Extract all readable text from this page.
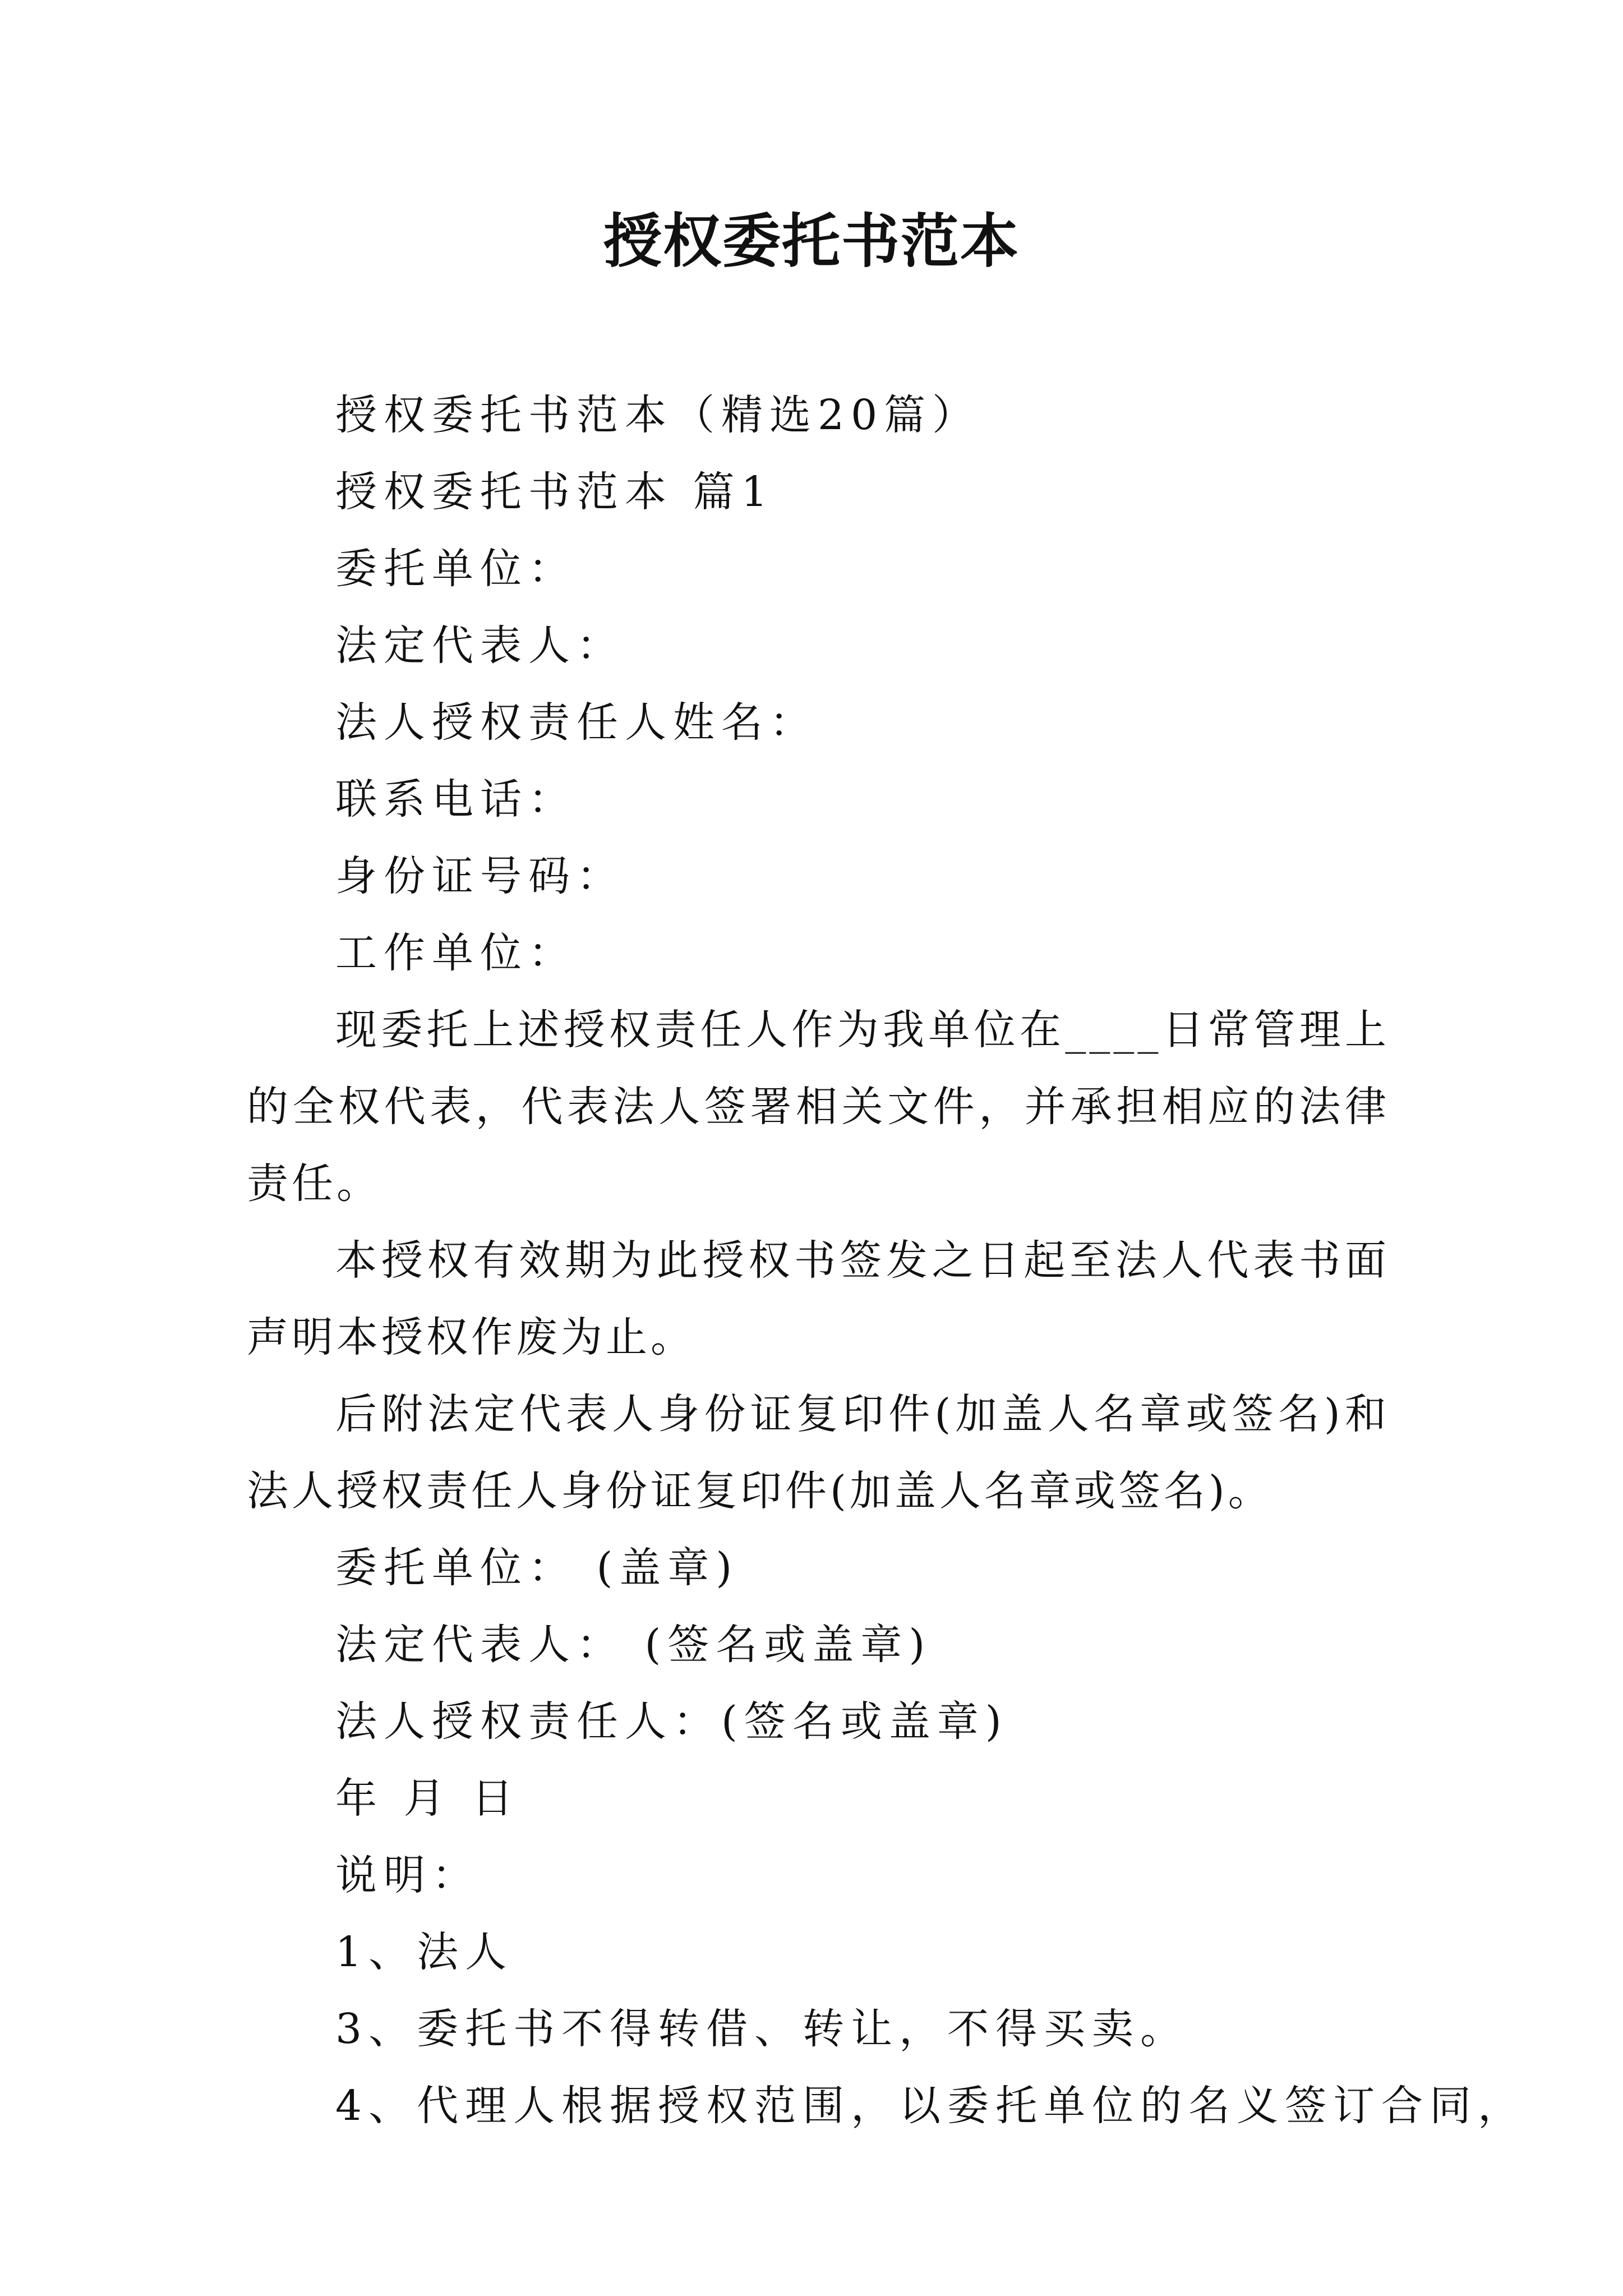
授权委托书范本

授权委托书范本（精选20篇）

授权委托书范本 篇1

委托单位：

法定代表人：

法人授权责任人姓名：

联系电话：

身份证号码：

工作单位：

现委托上述授权责任人作为我单位在____日常管理上的全权代表，代表法人签署相关文件，并承担相应的法律责任。

本授权有效期为此授权书签发之日起至法人代表书面声明本授权作废为止。

后附法定代表人身份证复印件(加盖人名章或签名)和法人授权责任人身份证复印件(加盖人名章或签名)。

委托单位： (盖章)

法定代表人： (签名或盖章)

法人授权责任人：(签名或盖章)

年 月 日

说明：

1、法人

3、委托书不得转借、转让，不得买卖。

4、代理人根据授权范围，以委托单位的名义签订合同，
